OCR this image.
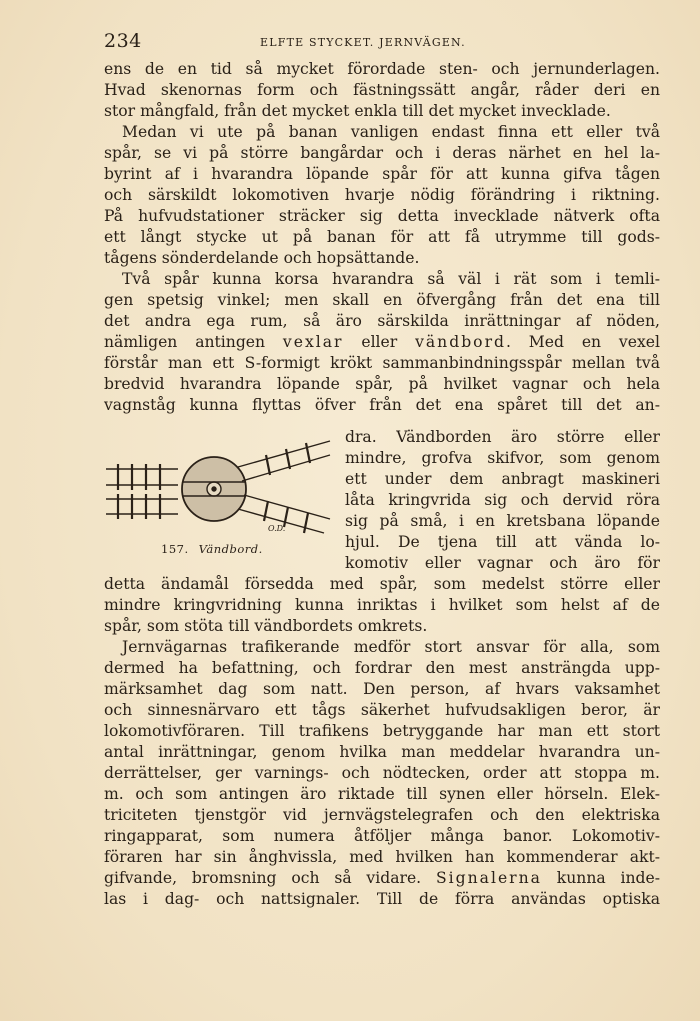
234	ELFTE STYCKET. JERNVÄGEN.
ens de en tid så mycket förordade sten- och jernunderlagen.
Hvad skenornas form och fästningssätt angår, råder deri en
stor mångfald, från det mycket enkla till det mycket invecklade.
Medan vi ute på banan vanligen endast finna ett eller två
spår, se vi på större bangårdar och i deras närhet en hel la-
byrint af i hvarandra löpande spår för att kunna gifva tågen
och särskildt lokomotiven hvarje nödig förändring i riktning.
På hufvudstationer sträcker sig detta invecklade nätverk ofta
ett långt stycke ut på banan för att få utrymme till gods-
tågens sönderdelande och hopsättande.
Två spår kunna korsa hvarandra så väl i rät som i temli-
gen spetsig vinkel; men skall en öfvergång från det ena till
det andra ega rum, så äro särskilda inrättningar af nöden,
nämligen antingen vexlar eller vändbord. Med en vexel
förstår man ett S-formigt krökt sammanbindningsspår mellan två
bredvid hvarandra löpande spår, på hvilket vagnar och hela
vagnståg kunna flyttas öfver från det ena spåret till det an-
dra. Vändborden äro större eller
mindre, grofva skifvor, som genom
ett under dem anbragt maskineri
låta kringvrida sig och dervid röra
sig på små, i en kretsbana löpande
hjul. De tjena till att vända lo-
komotiv eller vagnar och äro för
O.D.
157. Vändbord.
detta ändamål försedda med spår, som medelst större eller
mindre kringvridning kunna inriktas i hvilket som helst af de
spår, som stöta till vändbordets omkrets.
Jernvägarnas trafikerande medför stort ansvar för alla, som
dermed ha befattning, och fordrar den mest ansträngda upp-
märksamhet dag som natt. Den person, af hvars vaksamhet
och sinnesnärvaro ett tågs säkerhet hufvudsakligen beror, är
lokomotivföraren. Till trafikens betryggande har man ett stort
antal inrättningar, genom hvilka man meddelar hvarandra un-
derrättelser, ger varnings- och nödtecken, order att stoppa m.
m. och som antingen äro riktade till synen eller hörseln. Elek-
triciteten tjenstgör vid jernvägstelegrafen och den elektriska
ringapparat, som numera åtföljer många banor. Lokomotiv-
föraren har sin ånghvissla, med hvilken han kommenderar akt-
gifvande, bromsning och så vidare. Signalerna kunna inde-
las i dag- och nattsignaler. Till de förra användas optiska
